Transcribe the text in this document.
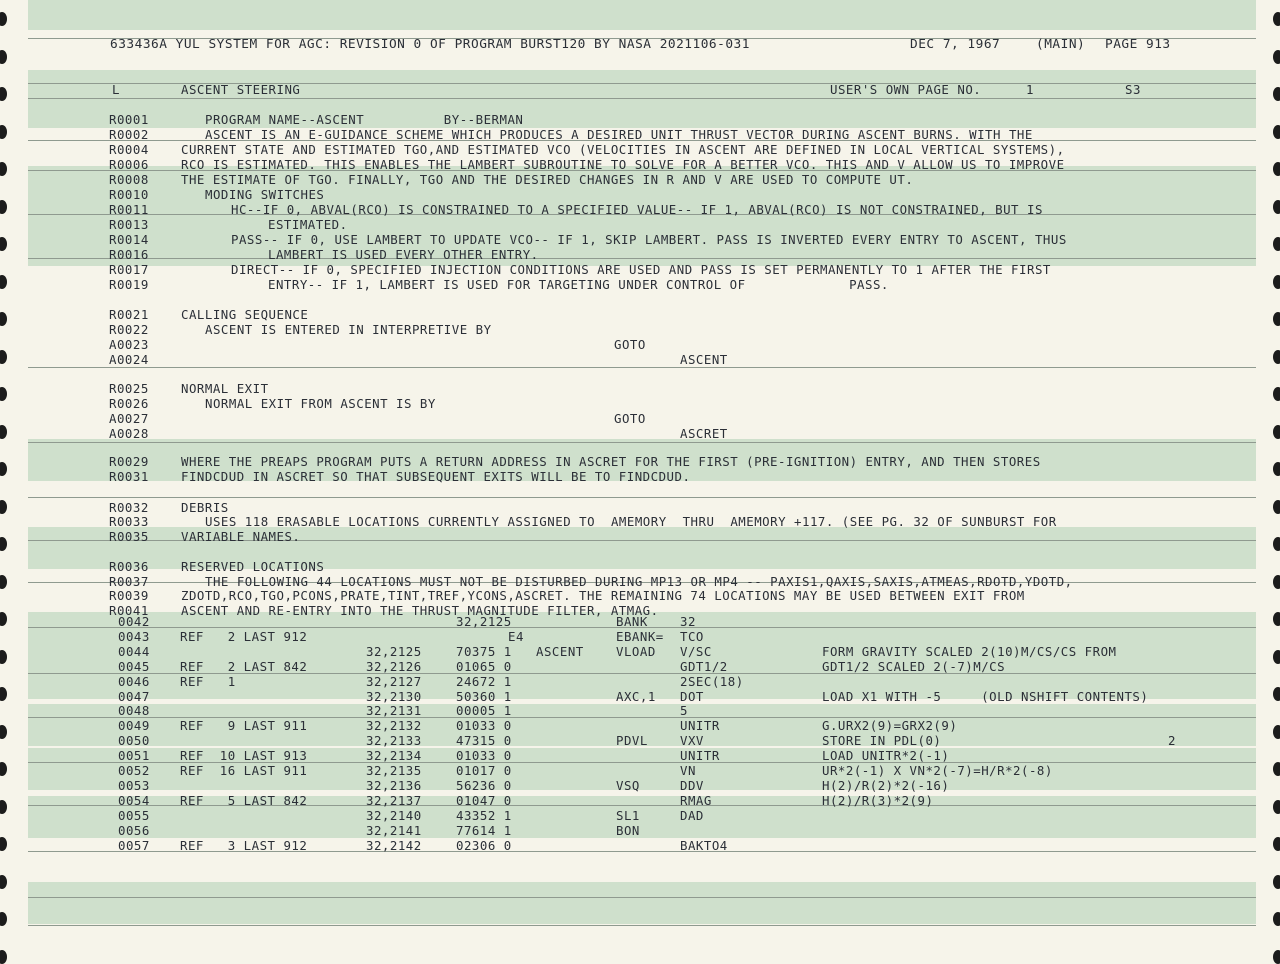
633436A YUL SYSTEM FOR AGC: REVISION 0 OF PROGRAM BURST120 BY NASA 2021106-031	DEC 7, 1967	(MAIN) PAGE 913
L	ASCENT STEERING	USER'S OWN PAGE NO.	1	S3
R0001	PROGRAM NAME--ASCENT          BY--BERMAN
R0002	ASCENT IS AN E-GUIDANCE SCHEME WHICH PRODUCES A DESIRED UNIT THRUST VECTOR DURING ASCENT BURNS. WITH THE
R0004	CURRENT STATE AND ESTIMATED TGO,AND ESTIMATED VCO (VELOCITIES IN ASCENT ARE DEFINED IN LOCAL VERTICAL SYSTEMS),
R0006	RCO IS ESTIMATED. THIS ENABLES THE LAMBERT SUBROUTINE TO SOLVE FOR A BETTER VCO. THIS AND V ALLOW US TO IMPROVE
R0008	THE ESTIMATE OF TGO. FINALLY, TGO AND THE DESIRED CHANGES IN R AND V ARE USED TO COMPUTE UT.
R0010	MODING SWITCHES
R0011	HC--IF 0, ABVAL(RCO) IS CONSTRAINED TO A SPECIFIED VALUE-- IF 1, ABVAL(RCO) IS NOT CONSTRAINED, BUT IS
R0013	ESTIMATED.
R0014	PASS-- IF 0, USE LAMBERT TO UPDATE VCO-- IF 1, SKIP LAMBERT. PASS IS INVERTED EVERY ENTRY TO ASCENT, THUS
R0016	LAMBERT IS USED EVERY OTHER ENTRY.
R0017	DIRECT-- IF 0, SPECIFIED INJECTION CONDITIONS ARE USED AND PASS IS SET PERMANENTLY TO 1 AFTER THE FIRST
R0019	ENTRY-- IF 1, LAMBERT IS USED FOR TARGETING UNDER CONTROL OF             PASS.
R0021	CALLING SEQUENCE
R0022	ASCENT IS ENTERED IN INTERPRETIVE BY
A0023	GOTO
A0024	ASCENT
R0025	NORMAL EXIT
R0026	NORMAL EXIT FROM ASCENT IS BY
A0027	GOTO
A0028	ASCRET
R0029	WHERE THE PREAPS PROGRAM PUTS A RETURN ADDRESS IN ASCRET FOR THE FIRST (PRE-IGNITION) ENTRY, AND THEN STORES
R0031	FINDCDUD IN ASCRET SO THAT SUBSEQUENT EXITS WILL BE TO FINDCDUD.
R0032	DEBRIS
R0033	USES 118 ERASABLE LOCATIONS CURRENTLY ASSIGNED TO  AMEMORY  THRU  AMEMORY +117. (SEE PG. 32 OF SUNBURST FOR
R0035	VARIABLE NAMES.
R0036	RESERVED LOCATIONS
R0037	THE FOLLOWING 44 LOCATIONS MUST NOT BE DISTURBED DURING MP13 OR MP4 -- PAXIS1,QAXIS,SAXIS,ATMEAS,RDOTD,YDOTD,
R0039	ZDOTD,RCO,TGO,PCONS,PRATE,TINT,TREF,YCONS,ASCRET. THE REMAINING 74 LOCATIONS MAY BE USED BETWEEN EXIT FROM
R0041	ASCENT AND RE-ENTRY INTO THE THRUST MAGNITUDE FILTER, ATMAG.
0042	32,2125	BANK	32
0043 REF   2 LAST 912	E4	EBANK= TCO
0044	32,2125	70375 1 ASCENT	VLOAD V/SC	FORM GRAVITY SCALED 2(10)M/CS/CS FROM
0045 REF   2 LAST 842	32,2126	01065 0	GDT1/2	GDT1/2 SCALED 2(-7)M/CS
0046 REF   1	32,2127	24672 1	2SEC(18)
0047	32,2130	50360 1	AXC,1 DOT	LOAD X1 WITH -5     (OLD NSHIFT CONTENTS)
0048	32,2131	00005 1	5
0049 REF   9 LAST 911	32,2132	01033 0	UNITR	G.URX2(9)=GRX2(9)
0050	32,2133	47315 0	PDVL	VXV	STORE IN PDL(0)	2
0051 REF  10 LAST 913	32,2134	01033 0	UNITR	LOAD UNITR*2(-1)
0052 REF  16 LAST 911	32,2135	01017 0	VN	UR*2(-1) X VN*2(-7)=H/R*2(-8)
0053	32,2136	56236 0	VSQ	DDV	H(2)/R(2)*2(-16)
0054 REF   5 LAST 842	32,2137	01047 0	RMAG	H(2)/R(3)*2(9)
0055	32,2140	43352 1	SL1	DAD
0056	32,2141	77614 1	BON
0057 REF   3 LAST 912	32,2142	02306 0	BAKTO4
